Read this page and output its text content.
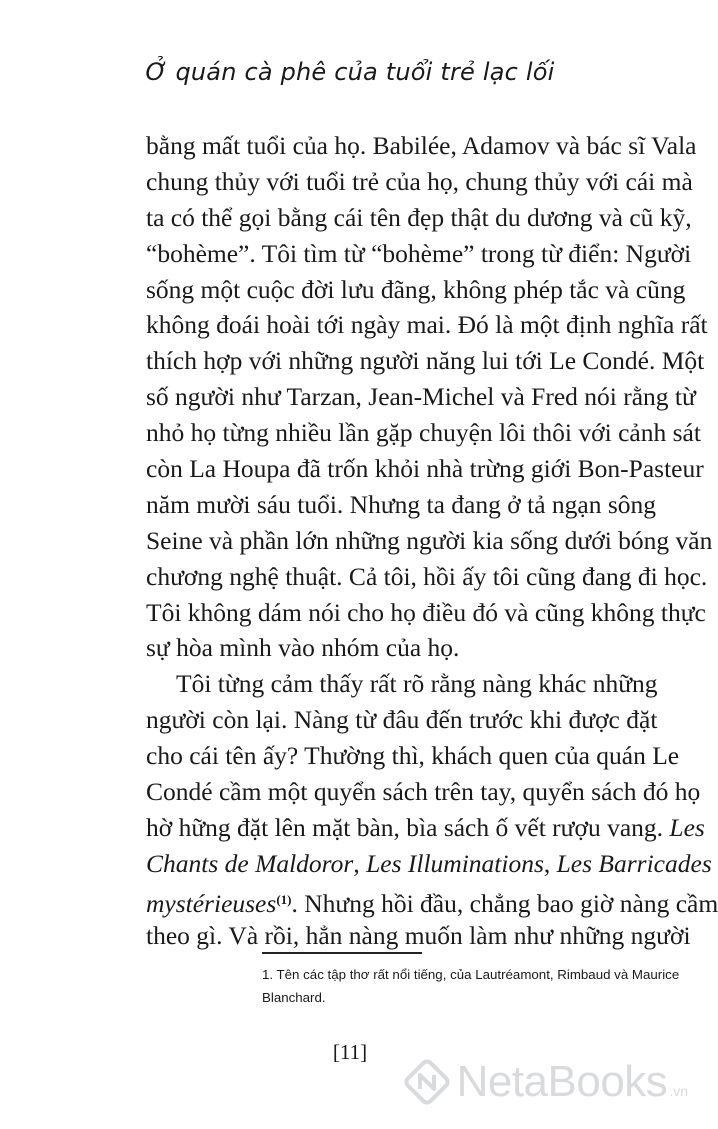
Ở quán cà phê của tuổi trẻ lạc lối
bằng mất tuổi của họ. Babilée, Adamov và bác sĩ Vala
chung thủy với tuổi trẻ của họ, chung thủy với cái mà
ta có thể gọi bằng cái tên đẹp thật du dương và cũ kỹ,
“bohème”. Tôi tìm từ “bohème” trong từ điển: Người
sống một cuộc đời lưu đãng, không phép tắc và cũng
không đoái hoài tới ngày mai. Đó là một định nghĩa rất
thích hợp với những người năng lui tới Le Condé. Một
số người như Tarzan, Jean-Michel và Fred nói rằng từ
nhỏ họ từng nhiều lần gặp chuyện lôi thôi với cảnh sát
còn La Houpa đã trốn khỏi nhà trừng giới Bon-Pasteur
năm mười sáu tuổi. Nhưng ta đang ở tả ngạn sông
Seine và phần lớn những người kia sống dưới bóng văn
chương nghệ thuật. Cả tôi, hồi ấy tôi cũng đang đi học.
Tôi không dám nói cho họ điều đó và cũng không thực
sự hòa mình vào nhóm của họ.
Tôi từng cảm thấy rất rõ rằng nàng khác những
người còn lại. Nàng từ đâu đến trước khi được đặt
cho cái tên ấy? Thường thì, khách quen của quán Le
Condé cầm một quyển sách trên tay, quyển sách đó họ
hờ hững đặt lên mặt bàn, bìa sách ố vết rượu vang. Les
Chants de Maldoror, Les Illuminations, Les Barricades
mystérieuses$^{(1)}$. Nhưng hồi đầu, chẳng bao giờ nàng cầm
theo gì. Và rồi, hẳn nàng muốn làm như những người
1. Tên các tập thơ rất nổi tiếng, của Lautréamont, Rimbaud và Maurice
Blanchard.
[11]
NetaBooks .vn
